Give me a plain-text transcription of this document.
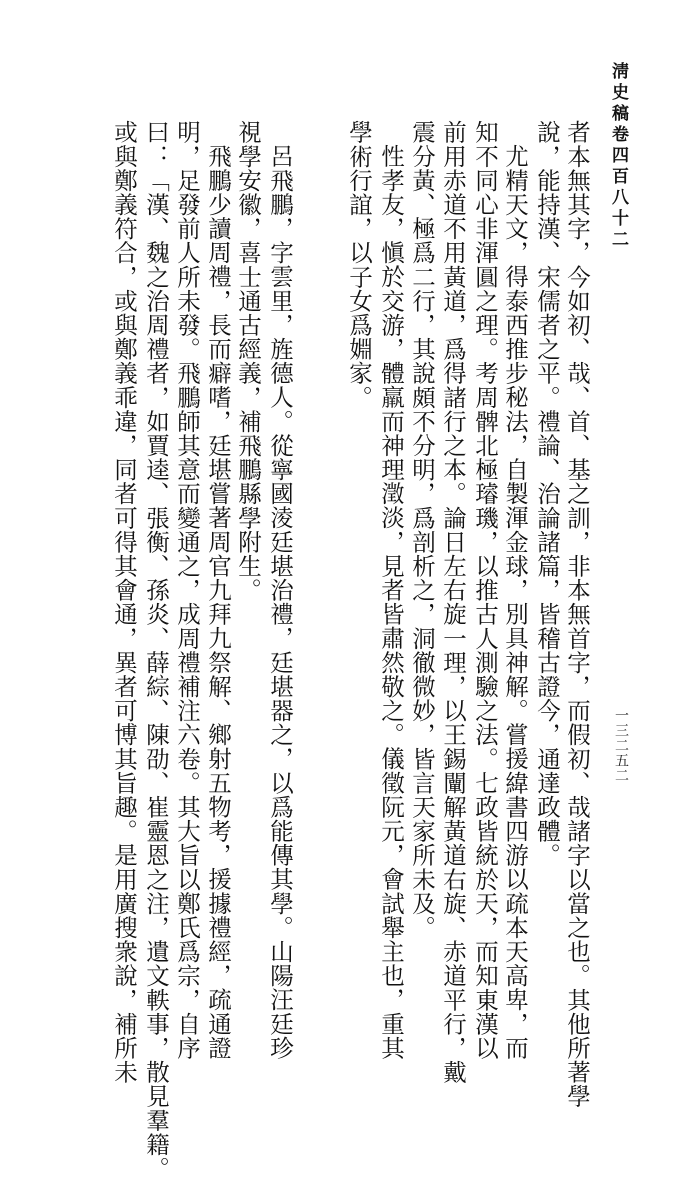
淸史稿卷四百八十二
一三二五二
者本無其字，今如初、哉、首、基之訓，非本無首字，而假初、哉諸字以當之也。其他所著學
說，能持漢、宋儒者之平。禮論、治論諸篇，皆稽古證今，通達政體。
尤精天文，得泰西推步秘法，自製渾金球，別具神解。嘗援緯書四游以疏本天高卑，而
知不同心非渾圓之理。考周髀北極璿璣，以推古人測驗之法。七政皆統於天，而知東漢以
前用赤道不用黃道，爲得諸行之本。論日左右旋一理，以王錫闡解黃道右旋、赤道平行，戴
震分黃、極爲二行，其說頗不分明，爲剖析之，洞徹微妙，皆言天家所未及。
性孝友，愼於交游，體羸而神理澂淡，見者皆肅然敬之。儀徵阮元，會試舉主也，重其
學術行誼，以子女爲婣家。
呂飛鵬，字雲里，旌德人。從寧國淩廷堪治禮，廷堪器之，以爲能傳其學。山陽汪廷珍
視學安徽，喜士通古經義，補飛鵬縣學附生。
飛鵬少讀周禮，長而癖嗜，廷堪嘗著周官九拜九祭解、鄉射五物考，援據禮經，疏通證
明，足發前人所未發。飛鵬師其意而變通之，成周禮補注六卷。其大旨以鄭氏爲宗，自序
曰：「漢、魏之治周禮者，如賈逵、張衡、孫炎、薛綜、陳劭、崔靈恩之注，遺文軼事，散見羣籍。
或與鄭義符合，或與鄭義乖違，同者可得其會通，異者可博其旨趣。是用廣搜衆說，補所未
